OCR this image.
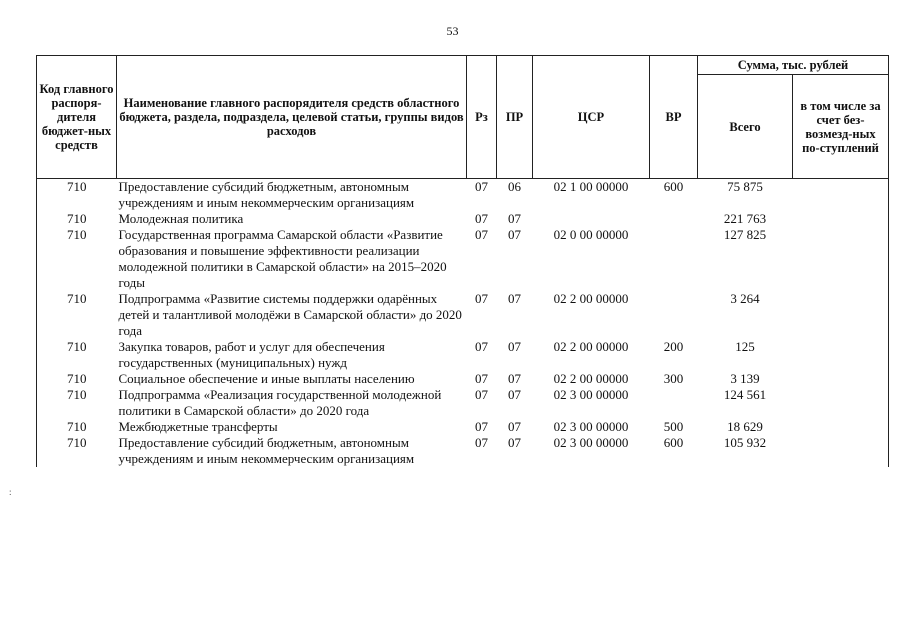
53
:
Код главного распоря-дителя бюджет-ных средств	Наименование главного распорядителя средств областного бюджета, раздела, подраздела, целевой статьи, группы видов расходов	Рз	ПР	ЦСР	ВР	Сумма, тыс. рублей	
						Всего	в том числе за счет без-возмезд-ных по-ступлений
710	Предоставление субсидий бюджетным, автономным учреждениям и иным некоммерческим организациям	07	06	02 1 00 00000	600	75 875	
710	Молодежная политика	07	07			221 763	
710	Государственная программа Самарской области «Развитие образования и повышение эффективности реализации молодежной политики в Самарской области» на 2015–2020 годы	07	07	02 0 00 00000		127 825	
710	Подпрограмма «Развитие системы поддержки одарённых детей и талантливой молодёжи в Самарской области» до 2020 года	07	07	02 2 00 00000		3 264	
710	Закупка товаров, работ и услуг для обеспечения государственных (муниципальных) нужд	07	07	02 2 00 00000	200	125	
710	Социальное обеспечение и иные выплаты населению	07	07	02 2 00 00000	300	3 139	
710	Подпрограмма «Реализация государственной молодежной политики в Самарской области» до 2020 года	07	07	02 3 00 00000		124 561	
710	Межбюджетные трансферты	07	07	02 3 00 00000	500	18 629	
710	Предоставление субсидий бюджетным, автономным учреждениям и иным некоммерческим организациям	07	07	02 3 00 00000	600	105 932	
